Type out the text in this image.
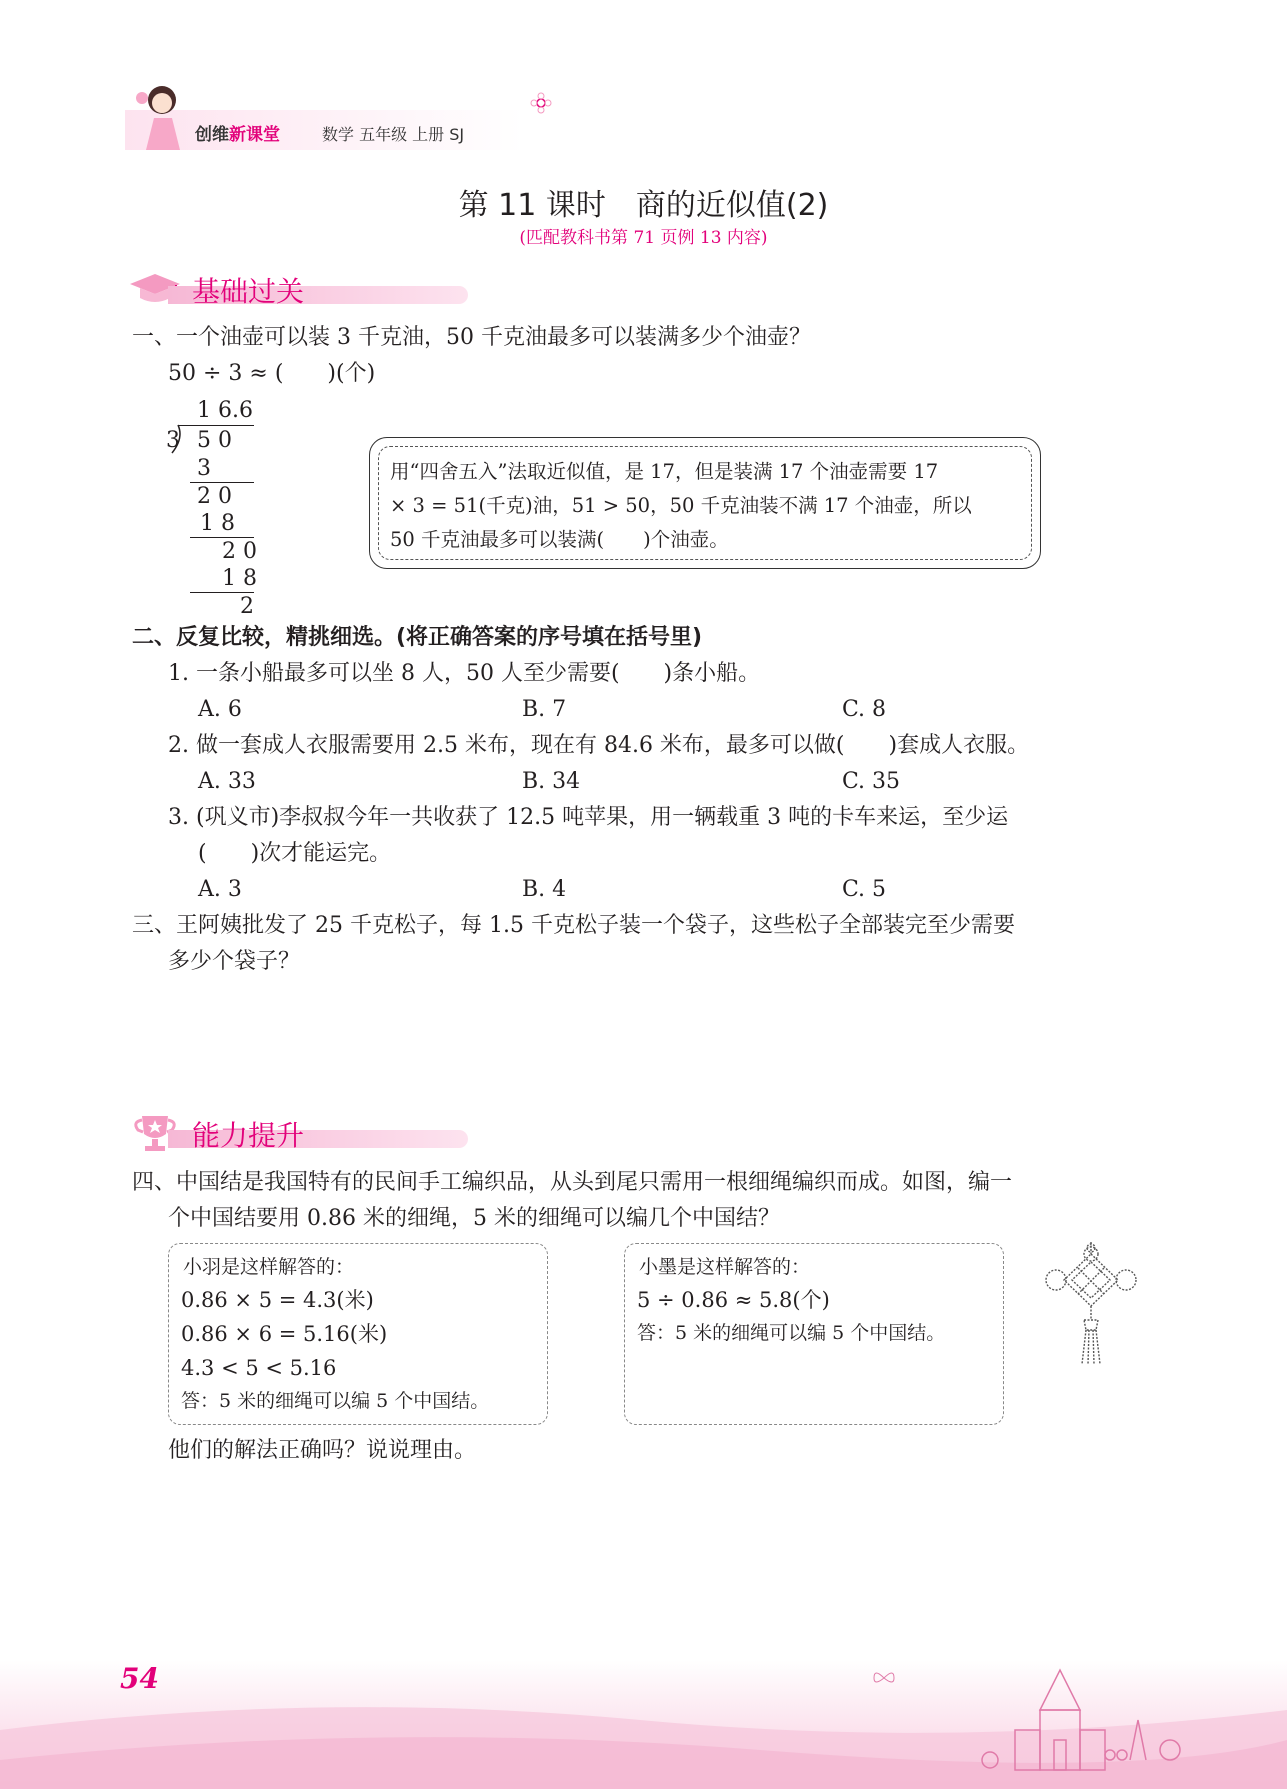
创维新课堂	数学 五年级 上册 SJ
第 11 课时　商的近似值(2)
(匹配教科书第 71 页例 13 内容)
基础过关
一、一个油壶可以装 3 千克油，50 千克油最多可以装满多少个油壶？
50 ÷ 3 ≈ (　　)(个)
1 6.6
3 5 0
3
2 0
1 8
2 0
1 8
2
用“四舍五入”法取近似值，是 17，但是装满 17 个油壶需要 17
× 3 = 51(千克)油，51 > 50，50 千克油装不满 17 个油壶，所以
50 千克油最多可以装满(　　)个油壶。
二、反复比较，精挑细选。(将正确答案的序号填在括号里)
1. 一条小船最多可以坐 8 人，50 人至少需要(　　)条小船。
A. 6	B. 7	C. 8
2. 做一套成人衣服需要用 2.5 米布，现在有 84.6 米布，最多可以做(　　)套成人衣服。
A. 33	B. 34	C. 35
3. (巩义市)李叔叔今年一共收获了 12.5 吨苹果，用一辆载重 3 吨的卡车来运，至少运
(　　)次才能运完。
A. 3	B. 4	C. 5
三、王阿姨批发了 25 千克松子，每 1.5 千克松子装一个袋子，这些松子全部装完至少需要
多少个袋子？
能力提升
四、中国结是我国特有的民间手工编织品，从头到尾只需用一根细绳编织而成。如图，编一
个中国结要用 0.86 米的细绳，5 米的细绳可以编几个中国结？
小羽是这样解答的：
0.86 × 5 = 4.3(米)
0.86 × 6 = 5.16(米)
4.3 < 5 < 5.16
答：5 米的细绳可以编 5 个中国结。
小墨是这样解答的：
5 ÷ 0.86 ≈ 5.8(个)
答：5 米的细绳可以编 5 个中国结。
他们的解法正确吗？说说理由。
54
